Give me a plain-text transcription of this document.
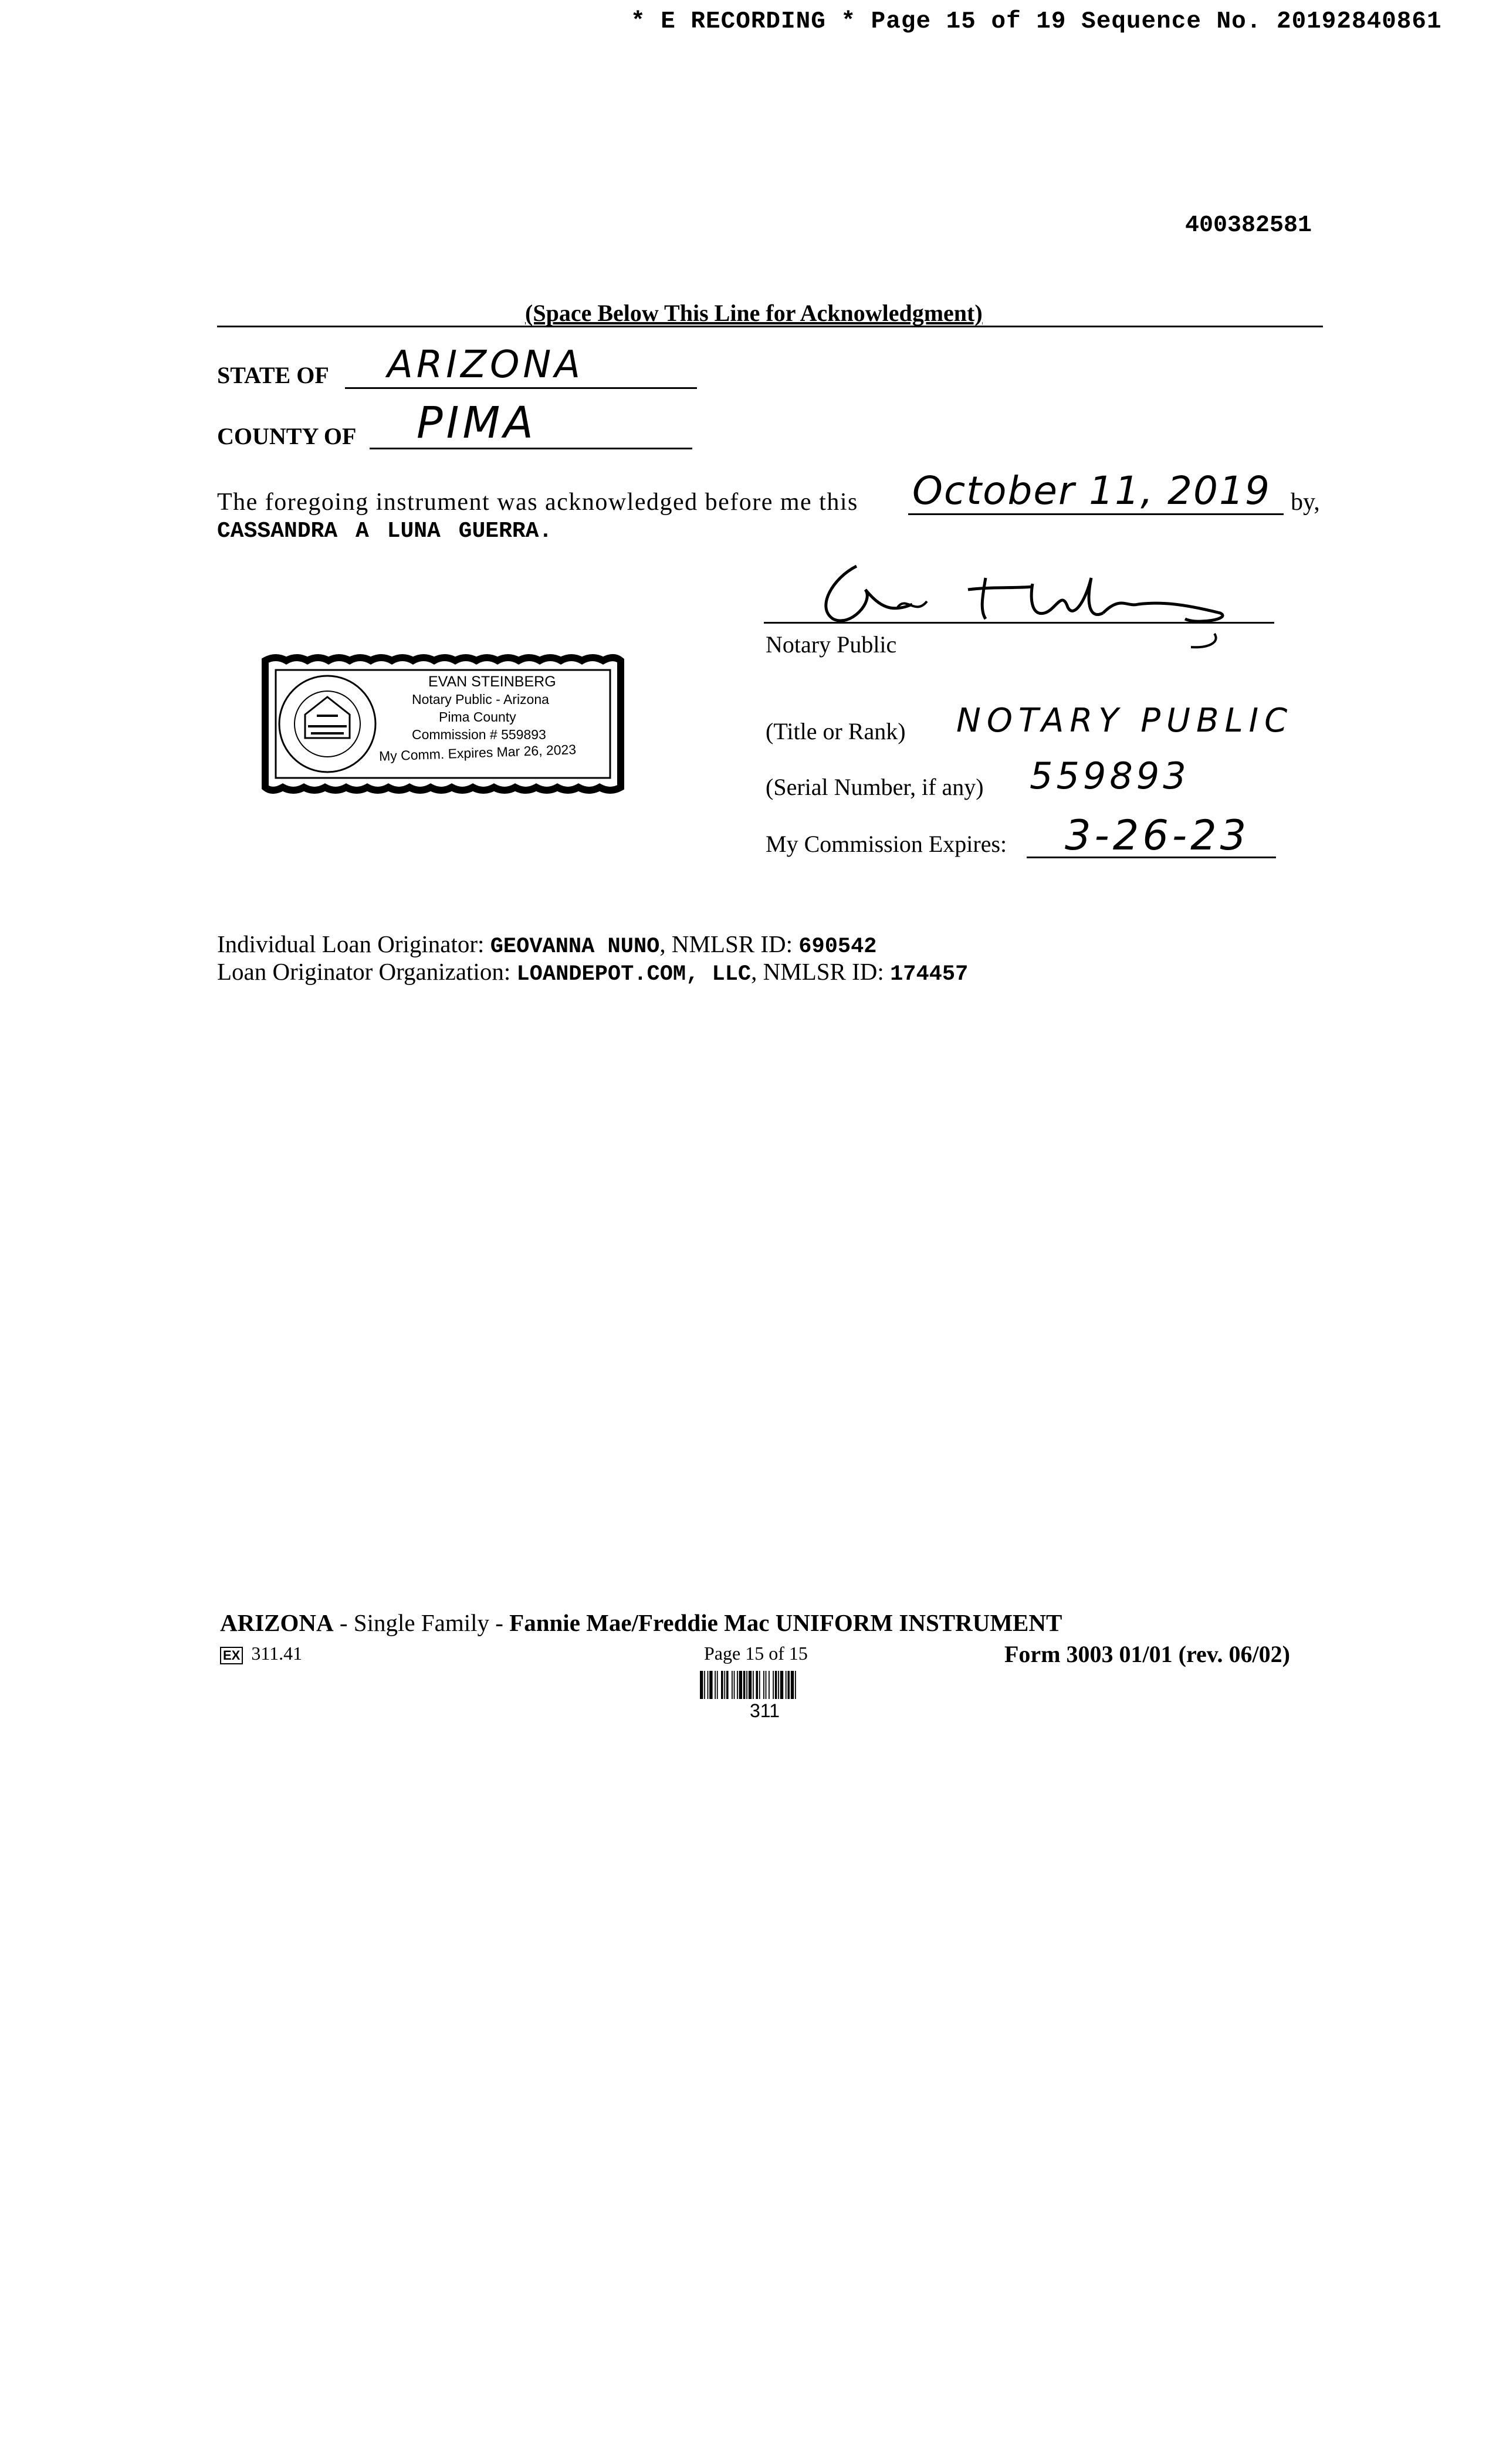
* E RECORDING * Page 15 of 19 Sequence No. 20192840861
400382581
(Space Below This Line for Acknowledgment)
STATE OF ARIZONA
COUNTY OF PIMA
The foregoing instrument was acknowledged before me this October 11, 2019 by,
CASSANDRA A LUNA GUERRA.
Notary Public
EVAN STEINBERG
Notary Public - Arizona
Pima County
Commission # 559893
My Comm. Expires Mar 26, 2023
(Title or Rank) NOTARY PUBLIC
(Serial Number, if any) 559893
My Commission Expires: 3-26-23
Individual Loan Originator: GEOVANNA NUNO, NMLSR ID: 690542
Loan Originator Organization: LOANDEPOT.COM, LLC, NMLSR ID: 174457
ARIZONA - Single Family - Fannie Mae/Freddie Mac UNIFORM INSTRUMENT
EX 311.41	Page 15 of 15	Form 3003 01/01 (rev. 06/02)
311
